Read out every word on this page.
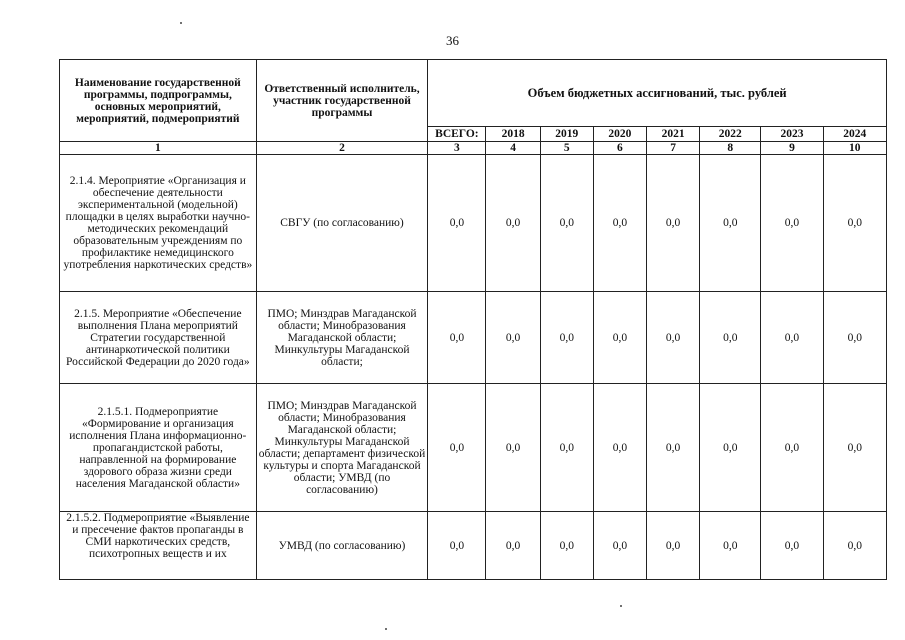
36
Наименование государственной программы, подпрограммы, основных мероприятий, мероприятий, подмероприятий	Ответственный исполнитель, участник государственной программы	Объем бюджетных ассигнований, тыс. рублей							
		ВСЕГО:	2018	2019	2020	2021	2022	2023	2024
1	2	3	4	5	6	7	8	9	10
2.1.4. Мероприятие «Организация и обеспечение деятельности экспериментальной (модельной) площадки в целях выработки научно-методических рекомендаций образовательным учреждениям по профилактике немедицинского употребления наркотических средств»	СВГУ (по согласованию)	0,0	0,0	0,0	0,0	0,0	0,0	0,0	0,0
2.1.5. Мероприятие «Обеспечение выполнения Плана мероприятий Стратегии государственной антинаркотической политики Российской Федерации до 2020 года»	ПМО; Минздрав Магаданской области; Минобразования Магаданской области; Минкультуры Магаданской области;	0,0	0,0	0,0	0,0	0,0	0,0	0,0	0,0
2.1.5.1. Подмероприятие «Формирование и организация исполнения Плана информационно-пропагандистской работы, направленной на формирование здорового образа жизни среди населения Магаданской области»	ПМО; Минздрав Магаданской области; Минобразования Магаданской области; Минкультуры Магаданской области; департамент физической культуры и спорта Магаданской области; УМВД (по согласованию)	0,0	0,0	0,0	0,0	0,0	0,0	0,0	0,0
2.1.5.2. Подмероприятие «Выявление и пресечение фактов пропаганды в СМИ наркотических средств, психотропных веществ и их	УМВД (по согласованию)	0,0	0,0	0,0	0,0	0,0	0,0	0,0	0,0
